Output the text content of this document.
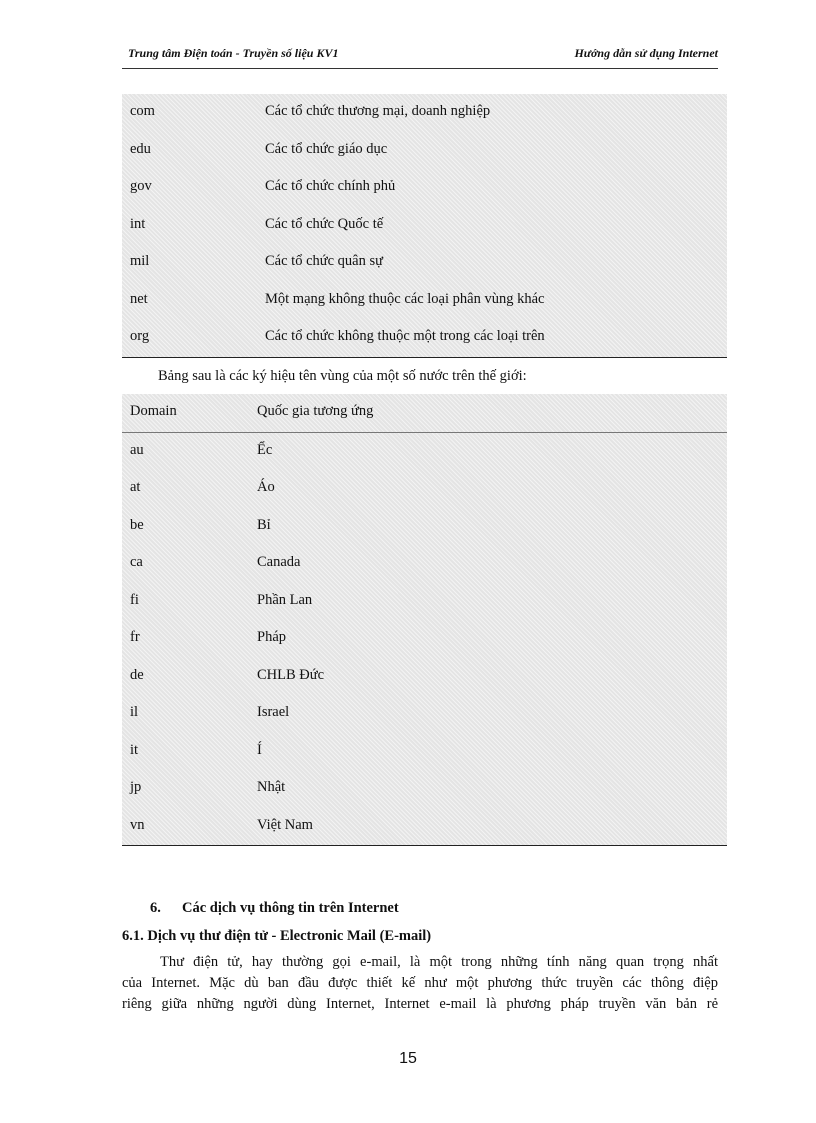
Trung tâm Điện toán - Truyền số liệu KV1	Hướng dẫn sử dụng Internet
com	Các tổ chức thương mại, doanh nghiệp
edu	Các tổ chức giáo dục
gov	Các tổ chức chính phủ
int	Các tổ chức Quốc tế
mil	Các tổ chức quân sự
net	Một mạng không thuộc các loại phân vùng khác
org	Các tổ chức không thuộc một trong các loại trên
Bảng sau là các ký hiệu tên vùng của một số nước trên thế giới:
Domain	Quốc gia tương ứng
au	Ểc
at	Áo
be	Bỉ
ca	Canada
fi	Phần Lan
fr	Pháp
de	CHLB Đức
il	Israel
it	Í
jp	Nhật
vn	Việt Nam
6. Các dịch vụ thông tin trên Internet
6.1. Dịch vụ thư điện tử - Electronic Mail (E-mail)
Thư điện tử, hay thường gọi e-mail, là một trong những tính năng quan trọng nhất
của Internet. Mặc dù ban đầu được thiết kế như một phương thức truyền các thông điệp
riêng giữa những người dùng Internet, Internet e-mail là phương pháp truyền văn bản rẻ
15
